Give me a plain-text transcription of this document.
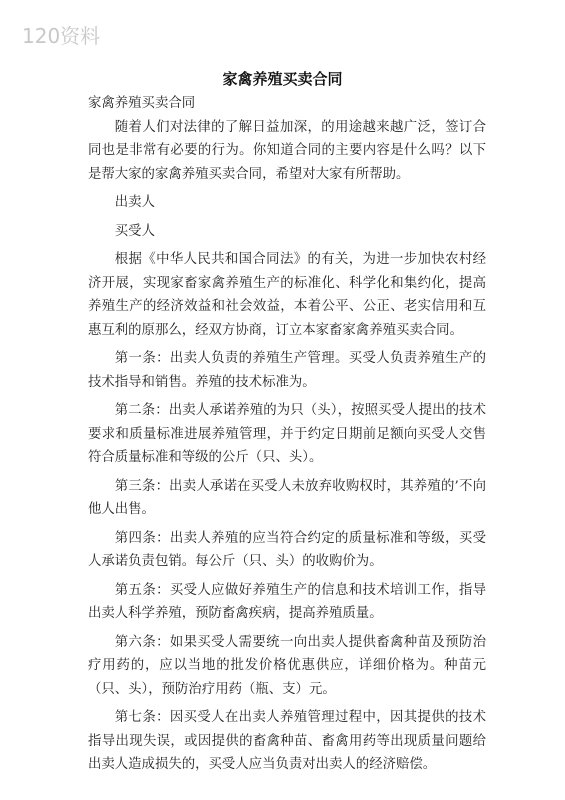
120资料
家禽养殖买卖合同

家禽养殖买卖合同

随着人们对法律的了解日益加深，的用途越来越广泛，签订合同也是非常有必要的行为。你知道合同的主要内容是什么吗？以下是帮大家的家禽养殖买卖合同，希望对大家有所帮助。

出卖人

买受人

根据《中华人民共和国合同法》的有关，为进一步加快农村经济开展，实现家畜家禽养殖生产的标准化、科学化和集约化，提高养殖生产的经济效益和社会效益，本着公平、公正、老实信用和互惠互利的原那么，经双方协商，订立本家畜家禽养殖买卖合同。

第一条：出卖人负责的养殖生产管理。买受人负责养殖生产的技术指导和销售。养殖的技术标准为。

第二条：出卖人承诺养殖的为只（头），按照买受人提出的技术要求和质量标准进展养殖管理，并于约定日期前足额向买受人交售符合质量标准和等级的公斤（只、头）。

第三条：出卖人承诺在买受人未放弃收购权时，其养殖的’不向他人出售。

第四条：出卖人养殖的应当符合约定的质量标准和等级，买受人承诺负责包销。每公斤（只、头）的收购价为。

第五条：买受人应做好养殖生产的信息和技术培训工作，指导出卖人科学养殖，预防畜禽疾病，提高养殖质量。

第六条：如果买受人需要统一向出卖人提供畜禽种苗及预防治疗用药的，应以当地的批发价格优惠供应，详细价格为。种苗元（只、头），预防治疗用药（瓶、支）元。

第七条：因买受人在出卖人养殖管理过程中，因其提供的技术指导出现失误，或因提供的畜禽种苗、畜禽用药等出现质量问题给出卖人造成损失的，买受人应当负责对出卖人的经济赔偿。
